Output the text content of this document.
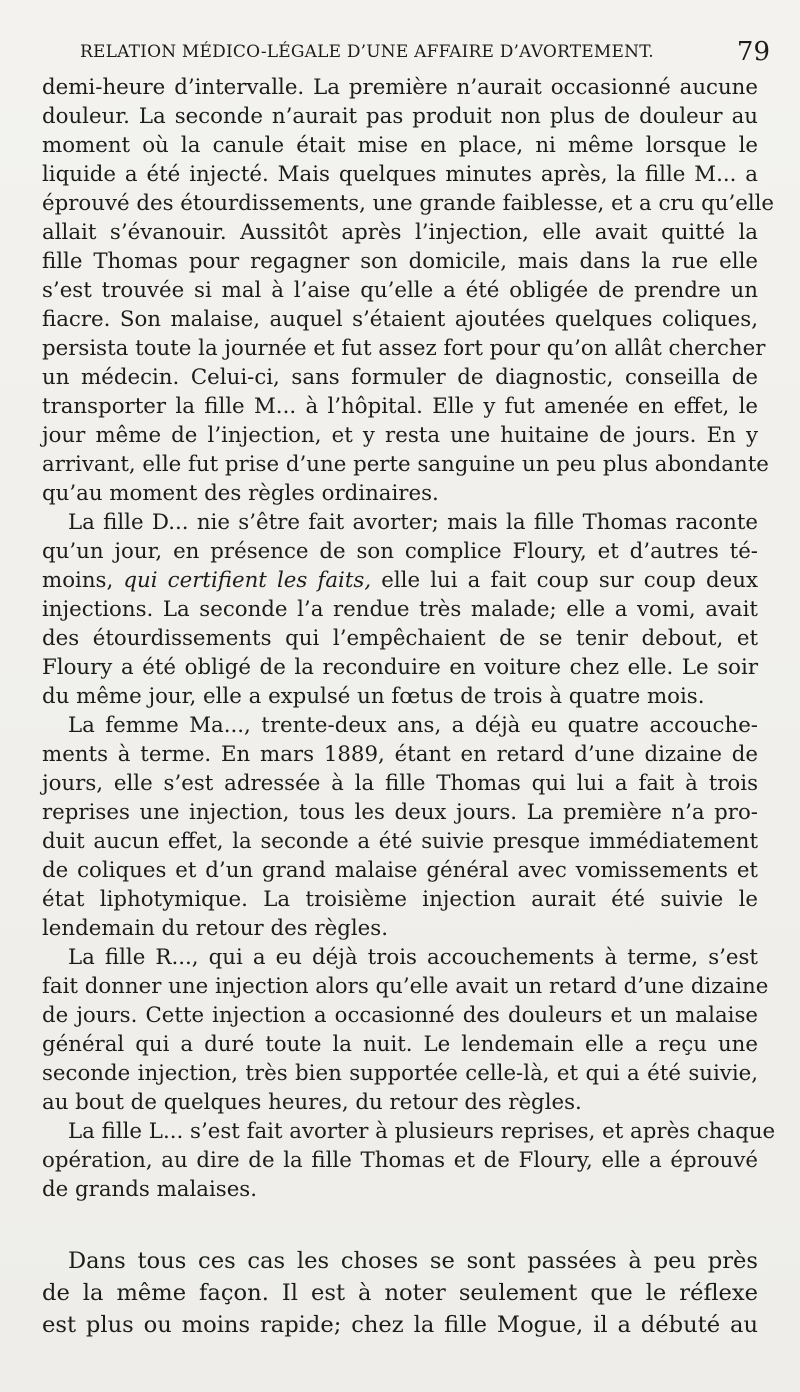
RELATION MÉDICO-LÉGALE D’UNE AFFAIRE D’AVORTEMENT.	79
demi-heure d’intervalle. La première n’aurait occasionné aucune
douleur. La seconde n’aurait pas produit non plus de douleur au
moment où la canule était mise en place, ni même lorsque le
liquide a été injecté. Mais quelques minutes après, la fille M... a
éprouvé des étourdissements, une grande faiblesse, et a cru qu’elle
allait s’évanouir. Aussitôt après l’injection, elle avait quitté la
fille Thomas pour regagner son domicile, mais dans la rue elle
s’est trouvée si mal à l’aise qu’elle a été obligée de prendre un
fiacre. Son malaise, auquel s’étaient ajoutées quelques coliques,
persista toute la journée et fut assez fort pour qu’on allât chercher
un médecin. Celui-ci, sans formuler de diagnostic, conseilla de
transporter la fille M... à l’hôpital. Elle y fut amenée en effet, le
jour même de l’injection, et y resta une huitaine de jours. En y
arrivant, elle fut prise d’une perte sanguine un peu plus abondante
qu’au moment des règles ordinaires.
La fille D... nie s’être fait avorter; mais la fille Thomas raconte
qu’un jour, en présence de son complice Floury, et d’autres té-
moins, qui certifient les faits, elle lui a fait coup sur coup deux
injections. La seconde l’a rendue très malade; elle a vomi, avait
des étourdissements qui l’empêchaient de se tenir debout, et
Floury a été obligé de la reconduire en voiture chez elle. Le soir
du même jour, elle a expulsé un fœtus de trois à quatre mois.
La femme Ma..., trente-deux ans, a déjà eu quatre accouche-
ments à terme. En mars 1889, étant en retard d’une dizaine de
jours, elle s’est adressée à la fille Thomas qui lui a fait à trois
reprises une injection, tous les deux jours. La première n’a pro-
duit aucun effet, la seconde a été suivie presque immédiatement
de coliques et d’un grand malaise général avec vomissements et
état liphotymique. La troisième injection aurait été suivie le
lendemain du retour des règles.
La fille R..., qui a eu déjà trois accouchements à terme, s’est
fait donner une injection alors qu’elle avait un retard d’une dizaine
de jours. Cette injection a occasionné des douleurs et un malaise
général qui a duré toute la nuit. Le lendemain elle a reçu une
seconde injection, très bien supportée celle-là, et qui a été suivie,
au bout de quelques heures, du retour des règles.
La fille L... s’est fait avorter à plusieurs reprises, et après chaque
opération, au dire de la fille Thomas et de Floury, elle a éprouvé
de grands malaises.
Dans tous ces cas les choses se sont passées à peu près
de la même façon. Il est à noter seulement que le réflexe
est plus ou moins rapide; chez la fille Mogue, il a débuté au
